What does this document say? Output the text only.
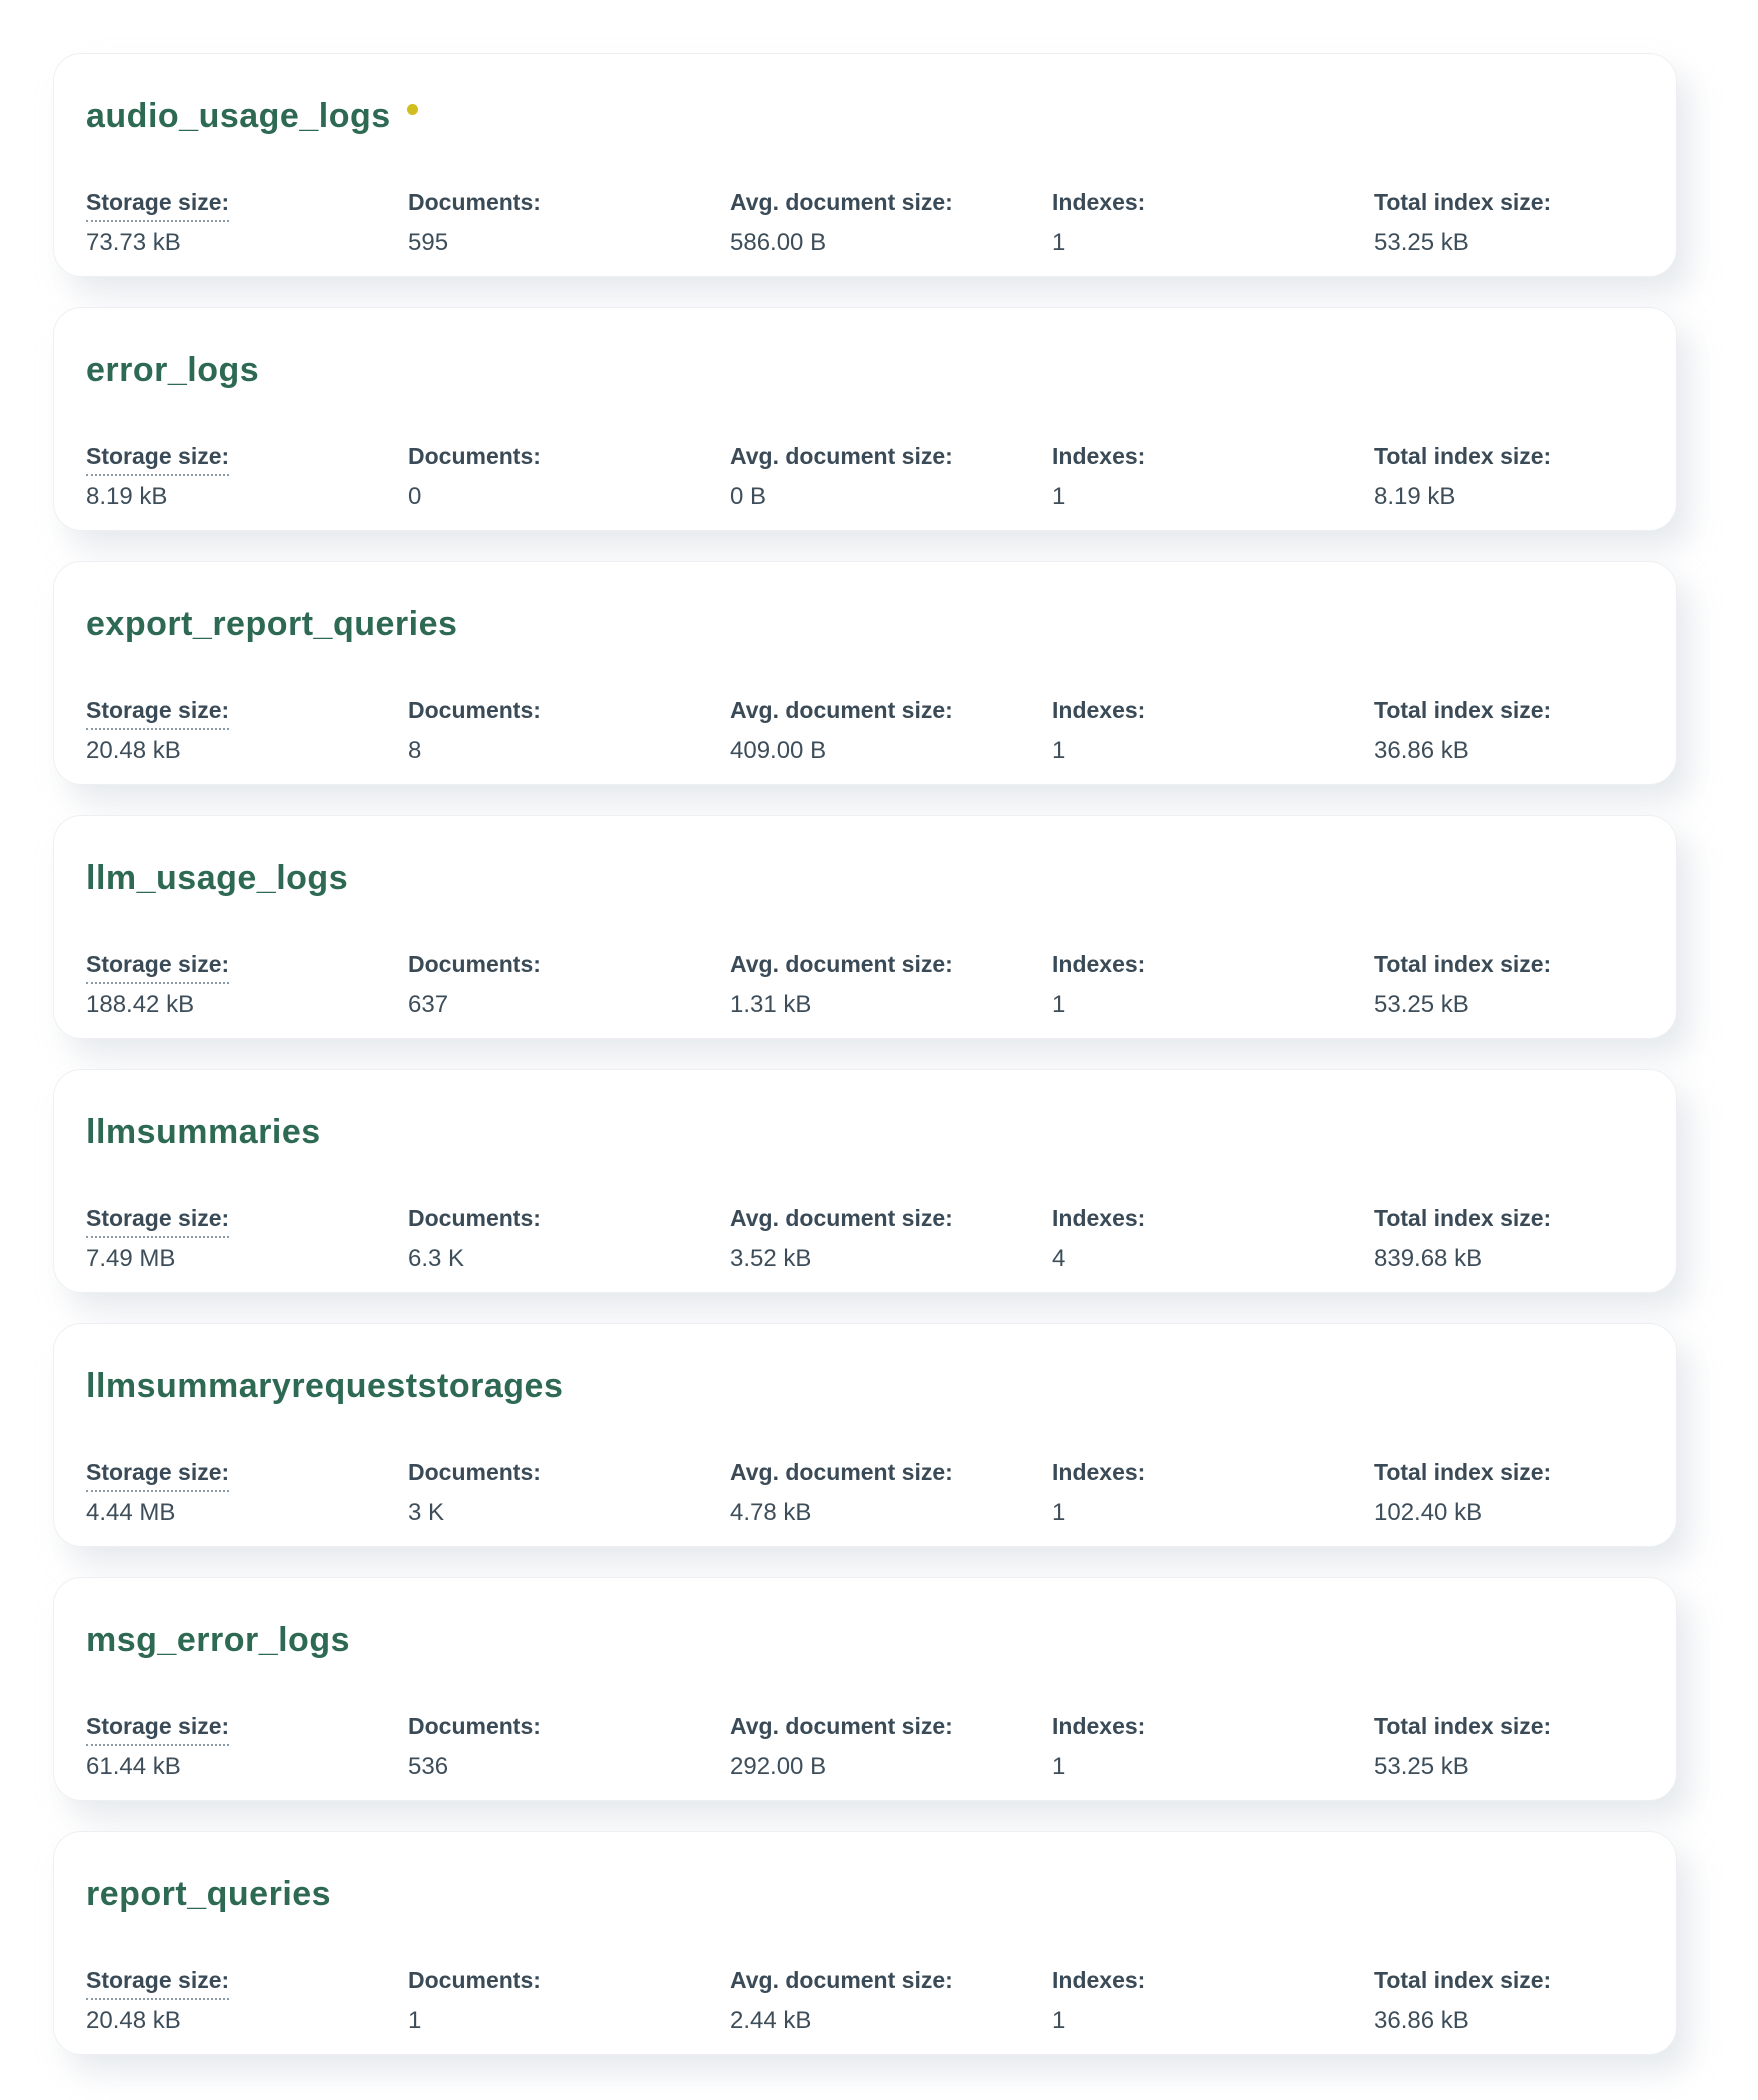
audio_usage_logs
Storage size:
73.73 kB
Documents:
595
Avg. document size:
586.00 B
Indexes:
1
Total index size:
53.25 kB
error_logs
Storage size:
8.19 kB
Documents:
0
Avg. document size:
0 B
Indexes:
1
Total index size:
8.19 kB
export_report_queries
Storage size:
20.48 kB
Documents:
8
Avg. document size:
409.00 B
Indexes:
1
Total index size:
36.86 kB
llm_usage_logs
Storage size:
188.42 kB
Documents:
637
Avg. document size:
1.31 kB
Indexes:
1
Total index size:
53.25 kB
llmsummaries
Storage size:
7.49 MB
Documents:
6.3 K
Avg. document size:
3.52 kB
Indexes:
4
Total index size:
839.68 kB
llmsummaryrequeststorages
Storage size:
4.44 MB
Documents:
3 K
Avg. document size:
4.78 kB
Indexes:
1
Total index size:
102.40 kB
msg_error_logs
Storage size:
61.44 kB
Documents:
536
Avg. document size:
292.00 B
Indexes:
1
Total index size:
53.25 kB
report_queries
Storage size:
20.48 kB
Documents:
1
Avg. document size:
2.44 kB
Indexes:
1
Total index size:
36.86 kB
